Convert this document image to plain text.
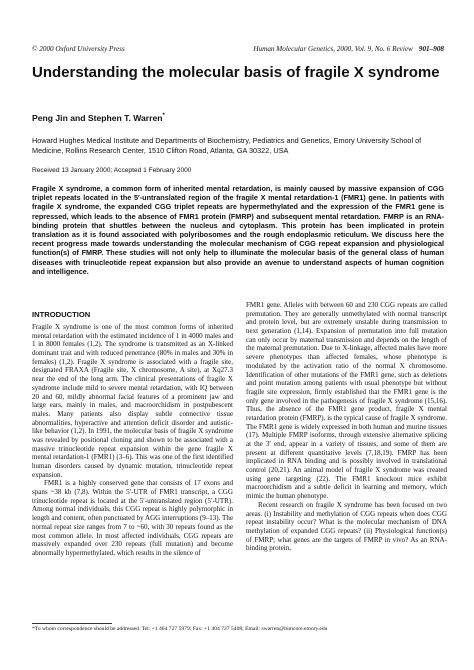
© 2000 Oxford University Press	Human Molecular Genetics, 2000, Vol. 9, No. 6 Review 901–908
Understanding the molecular basis of fragile X syndrome
Peng Jin and Stephen T. Warren*
Howard Hughes Medical Institute and Departments of Biochemistry, Pediatrics and Genetics, Emory University School of Medicine, Rollins Research Center, 1510 Clifton Road, Atlanta, GA 30322, USA
Received 13 January 2000; Accepted 1 February 2000
Fragile X syndrome, a common form of inherited mental retardation, is mainly caused by massive expansion of CGG triplet repeats located in the 5′-untranslated region of the fragile X mental retardation-1 (FMR1) gene. In patients with fragile X syndrome, the expanded CGG triplet repeats are hypermethylated and the expression of the FMR1 gene is repressed, which leads to the absence of FMR1 protein (FMRP) and subsequent mental retardation. FMRP is an RNA-binding protein that shuttles between the nucleus and cytoplasm. This protein has been implicated in protein translation as it is found associated with polyribosomes and the rough endoplasmic reticulum. We discuss here the recent progress made towards understanding the molecular mechanism of CGG repeat expansion and physiological function(s) of FMRP. These studies will not only help to illuminate the molecular basis of the general class of human diseases with trinucleotide repeat expansion but also provide an avenue to understand aspects of human cognition and intelligence.
INTRODUCTION

Fragile X syndrome is one of the most common forms of inherited mental retardation with the estimated incidence of 1 in 4000 males and 1 in 8000 females (1,2). The syndrome is transmitted as an X-linked dominant trait and with reduced penetrance (80% in males and 30% in females) (1,2). Fragile X syndrome is associated with a fragile site, designated FRAXA (Fragile site, X chromosome, A site), at Xq27.3 near the end of the long arm. The clinical presentations of fragile X syndrome include mild to severe mental retardation, with IQ between 20 and 60, mildly abnormal facial features of a prominent jaw and large ears, mainly in males, and macroorchidism in postpubescent males. Many patients also display subtle connective tissue abnormalities, hyperactive and attention deficit disorder and autistic-like behavior (1,2). In 1991, the molecular basis of fragile X syndrome was revealed by positional cloning and shown to be associated with a massive trinucleotide repeat expansion within the gene fragile X mental retardation-1 (FMR1) (3–6). This was one of the first identified human disorders caused by dynamic mutation, trinucleotide repeat expansion.

FMR1 is a highly conserved gene that consists of 17 exons and spans ~38 kb (7,8). Within the 5′-UTR of FMR1 transcript, a CGG trinucleotide repeat is located at the 5′-untranslated region (5′-UTR). Among normal individuals, this CGG repeat is highly polymorphic in length and content, often punctuated by AGG interruptions (9–13). The normal repeat size ranges from 7 to ~60, with 30 repeats found as the most common allele. In most affected individuals, CGG repeats are massively expanded over 230 repeats (full mutation) and become abnormally hypermethylated, which results in the silence of

FMR1 gene. Alleles with between 60 and 230 CGG repeats are called premutation. They are generally unmethylated with normal transcript and protein level, but are extremely unstable during transmission to next generation (1,14). Expansion of premutation into full mutation can only occur by maternal transmission and depends on the length of the maternal premutation. Due to X-linkage, affected males have more severe phenotypes than affected females, whose phenotype is modulated by the activation ratio of the normal X chromosome. Identification of other mutations of the FMR1 gene, such as deletions and point mutation among patients with usual phenotype but without fragile site expression, firmly established that the FMR1 gene is the only gene involved in the pathogenesis of fragile X syndrome (15,16). Thus, the absence of the FMR1 gene product, fragile X mental retardation protein (FMRP), is the typical cause of fragile X syndrome. The FMR1 gene is widely expressed in both human and murine tissues (17). Multiple FMRP isoforms, through extensive alternative splicing at the 3′ end, appear in a variety of tissues, and some of them are present at different quantitative levels (7,18,19). FMRP has been implicated in RNA binding and is possibly involved in translational control (20,21). An animal model of fragile X syndrome was created using gene targeting (22). The FMR1 knockout mice exhibit macroorchidism and a subtle deficit in learning and memory, which mimic the human phenotype.

Recent research on fragile X syndrome has been focused on two areas. (i) Instability and methylation of CGG repeats when does CGG repeat instability occur? What is the molecular mechanism of DNA methylation of expanded CGG repeats? (ii) Physiological function(s) of FMRP; what genes are the targets of FMRP in vivo? As an RNA-binding protein,

*To whom correspondence should be addressed. Tel: +1 404 727 5979; Fax: +1 404 727 5408; Email: swarren@bimcore.emory.edu
